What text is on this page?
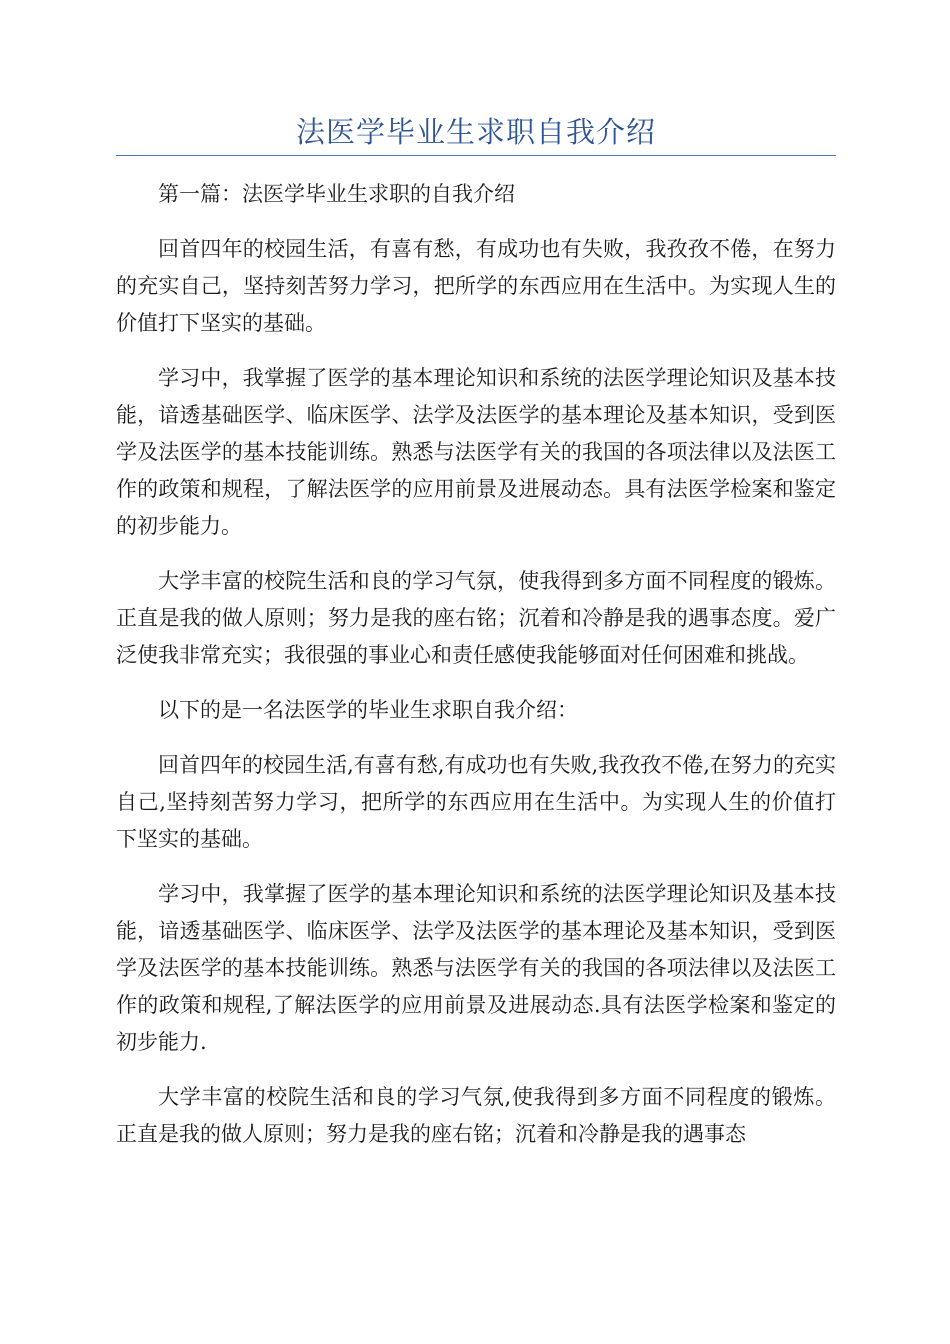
法医学毕业生求职自我介绍

第一篇：法医学毕业生求职的自我介绍

回首四年的校园生活，有喜有愁，有成功也有失败，我孜孜不倦，在努力的充实自己，坚持刻苦努力学习，把所学的东西应用在生活中。为实现人生的价值打下坚实的基础。

学习中，我掌握了医学的基本理论知识和系统的法医学理论知识及基本技能，谙透基础医学、临床医学、法学及法医学的基本理论及基本知识，受到医学及法医学的基本技能训练。熟悉与法医学有关的我国的各项法律以及法医工作的政策和规程，了解法医学的应用前景及进展动态。具有法医学检案和鉴定的初步能力。

大学丰富的校院生活和良的学习气氛，使我得到多方面不同程度的锻炼。正直是我的做人原则；努力是我的座右铭；沉着和冷静是我的遇事态度。爱广泛使我非常充实；我很强的事业心和责任感使我能够面对任何困难和挑战。

以下的是一名法医学的毕业生求职自我介绍：

回首四年的校园生活,有喜有愁,有成功也有失败,我孜孜不倦,在努力的充实自己,坚持刻苦努力学习，把所学的东西应用在生活中。为实现人生的价值打下坚实的基础。

学习中，我掌握了医学的基本理论知识和系统的法医学理论知识及基本技能，谙透基础医学、临床医学、法学及法医学的基本理论及基本知识，受到医学及法医学的基本技能训练。熟悉与法医学有关的我国的各项法律以及法医工作的政策和规程,了解法医学的应用前景及进展动态.具有法医学检案和鉴定的初步能力.

大学丰富的校院生活和良的学习气氛,使我得到多方面不同程度的锻炼。正直是我的做人原则；努力是我的座右铭；沉着和冷静是我的遇事态
